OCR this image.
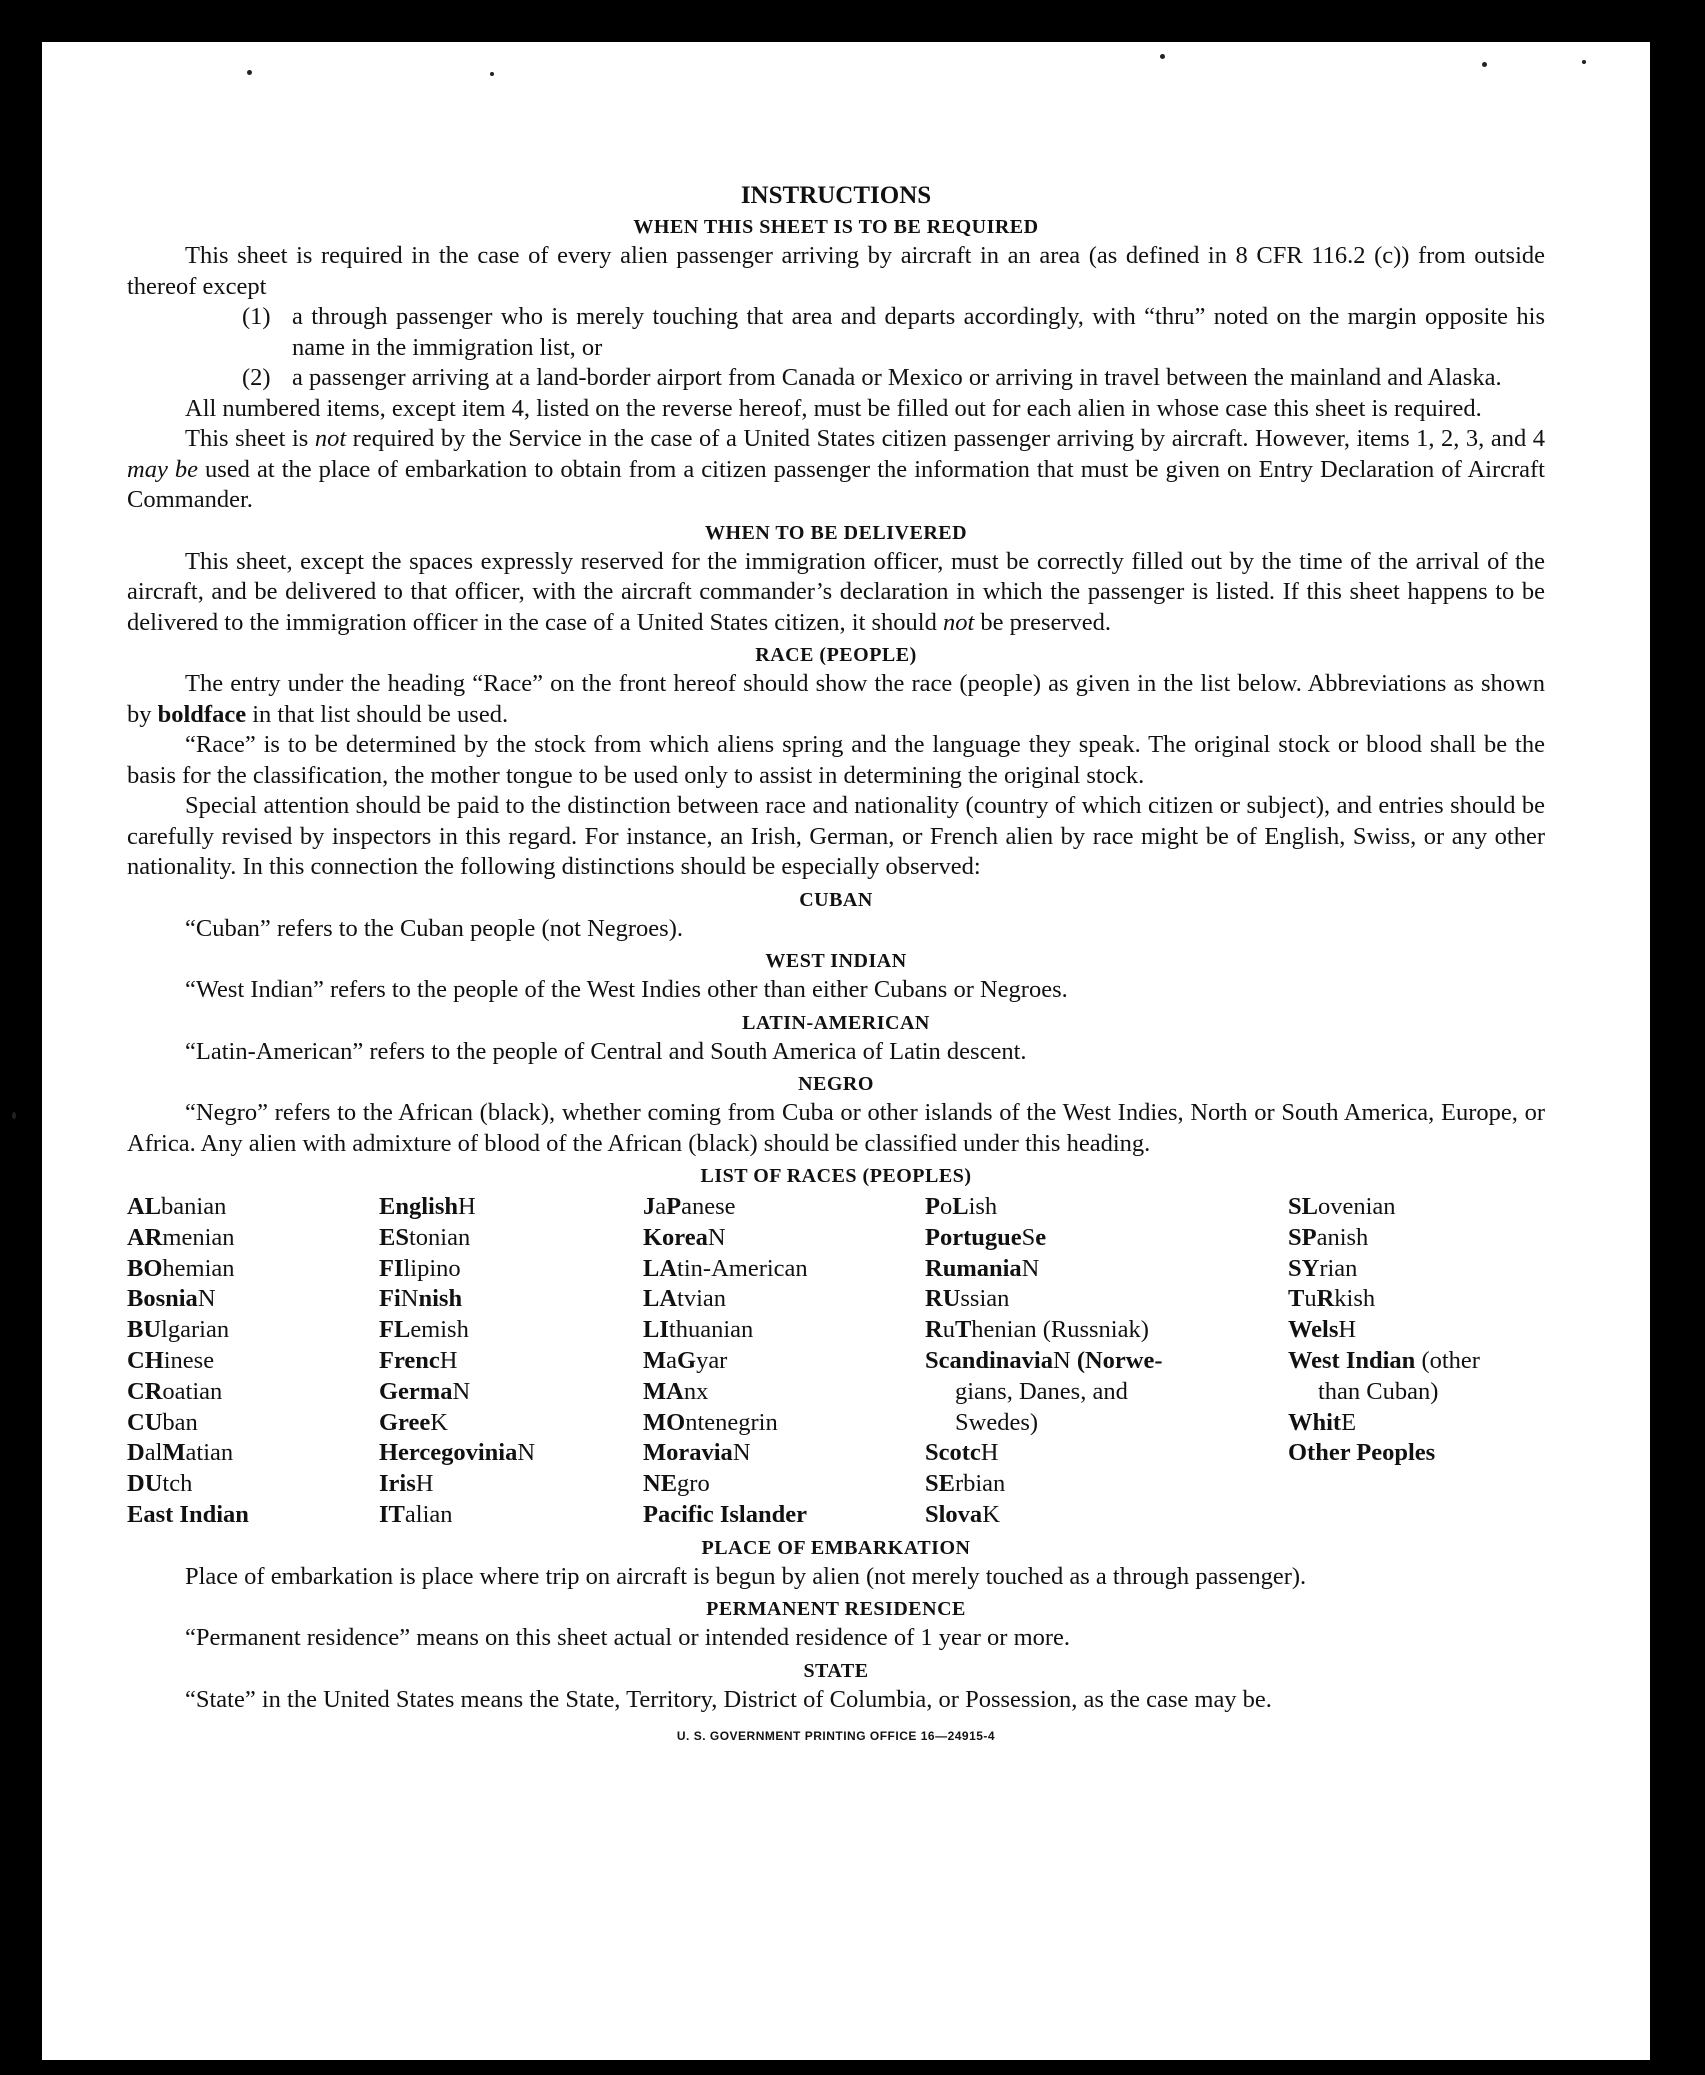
INSTRUCTIONS
WHEN THIS SHEET IS TO BE REQUIRED

This sheet is required in the case of every alien passenger arriving by aircraft in an area (as defined in 8 CFR 116.2 (c)) from outside thereof except

(1) a through passenger who is merely touching that area and departs accordingly, with “thru” noted on the margin opposite his name in the immigration list, or
(2) a passenger arriving at a land-border airport from Canada or Mexico or arriving in travel between the mainland and Alaska.

All numbered items, except item 4, listed on the reverse hereof, must be filled out for each alien in whose case this sheet is required.

This sheet is not required by the Service in the case of a United States citizen passenger arriving by aircraft. However, items 1, 2, 3, and 4 may be used at the place of embarkation to obtain from a citizen passenger the information that must be given on Entry Declaration of Aircraft Commander.

WHEN TO BE DELIVERED

This sheet, except the spaces expressly reserved for the immigration officer, must be correctly filled out by the time of the arrival of the aircraft, and be delivered to that officer, with the aircraft commander’s declaration in which the passenger is listed. If this sheet happens to be delivered to the immigration officer in the case of a United States citizen, it should not be preserved.

RACE (PEOPLE)

The entry under the heading “Race” on the front hereof should show the race (people) as given in the list below. Abbreviations as shown by boldface in that list should be used.

“Race” is to be determined by the stock from which aliens spring and the language they speak. The original stock or blood shall be the basis for the classification, the mother tongue to be used only to assist in determining the original stock.

Special attention should be paid to the distinction between race and nationality (country of which citizen or subject), and entries should be carefully revised by inspectors in this regard. For instance, an Irish, German, or French alien by race might be of English, Swiss, or any other nationality. In this connection the following distinctions should be especially observed:

CUBAN

“Cuban” refers to the Cuban people (not Negroes).

WEST INDIAN

“West Indian” refers to the people of the West Indies other than either Cubans or Negroes.

LATIN-AMERICAN

“Latin-American” refers to the people of Central and South America of Latin descent.

NEGRO

“Negro” refers to the African (black), whether coming from Cuba or other islands of the West Indies, North or South America, Europe, or Africa. Any alien with admixture of blood of the African (black) should be classified under this heading.

LIST OF RACES (PEOPLES)
ALbanian
ARmenian
BOhemian
BosniaN
BUlgarian
CHinese
CRoatian
CUban
DalMatian
DUtch
East Indian
EnglishH
EStonian
FIlipino
FiNnish
FLemish
FrencH
GermaN
GreeK
HercegoviniaN
IrisH
ITalian
JaPanese
KoreaN
LAtin-American
LAtvian
LIthuanian
MaGyar
MAnx
MOntenegrin
MoraviaN
NEgro
Pacific Islander
PoLish
PortugueSe
RumaniaN
RUssian
RuThenian (Russniak)
ScandinaviaN (Norwe-
gians, Danes, and
Swedes)
ScotcH
SErbian
SlovaK
SLovenian
SPanish
SYrian
TuRkish
WelsH
West Indian (other
than Cuban)
WhitE
Other Peoples
PLACE OF EMBARKATION

Place of embarkation is place where trip on aircraft is begun by alien (not merely touched as a through passenger).

PERMANENT RESIDENCE

“Permanent residence” means on this sheet actual or intended residence of 1 year or more.

STATE

“State” in the United States means the State, Territory, District of Columbia, or Possession, as the case may be.

U. S. GOVERNMENT PRINTING OFFICE 16—24915-4
